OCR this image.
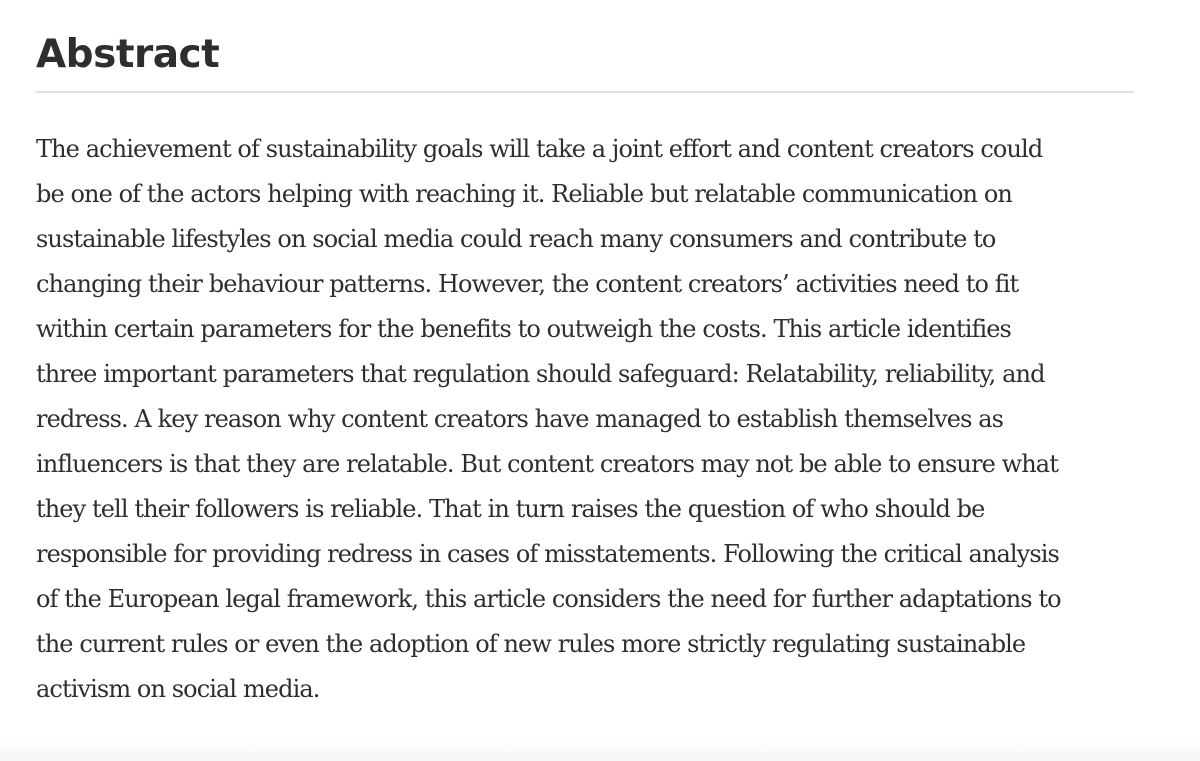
Abstract

The achievement of sustainability goals will take a joint effort and content creators could
be one of the actors helping with reaching it. Reliable but relatable communication on
sustainable lifestyles on social media could reach many consumers and contribute to
changing their behaviour patterns. However, the content creators’ activities need to fit
within certain parameters for the benefits to outweigh the costs. This article identifies
three important parameters that regulation should safeguard: Relatability, reliability, and
redress. A key reason why content creators have managed to establish themselves as
influencers is that they are relatable. But content creators may not be able to ensure what
they tell their followers is reliable. That in turn raises the question of who should be
responsible for providing redress in cases of misstatements. Following the critical analysis
of the European legal framework, this article considers the need for further adaptations to
the current rules or even the adoption of new rules more strictly regulating sustainable
activism on social media.
